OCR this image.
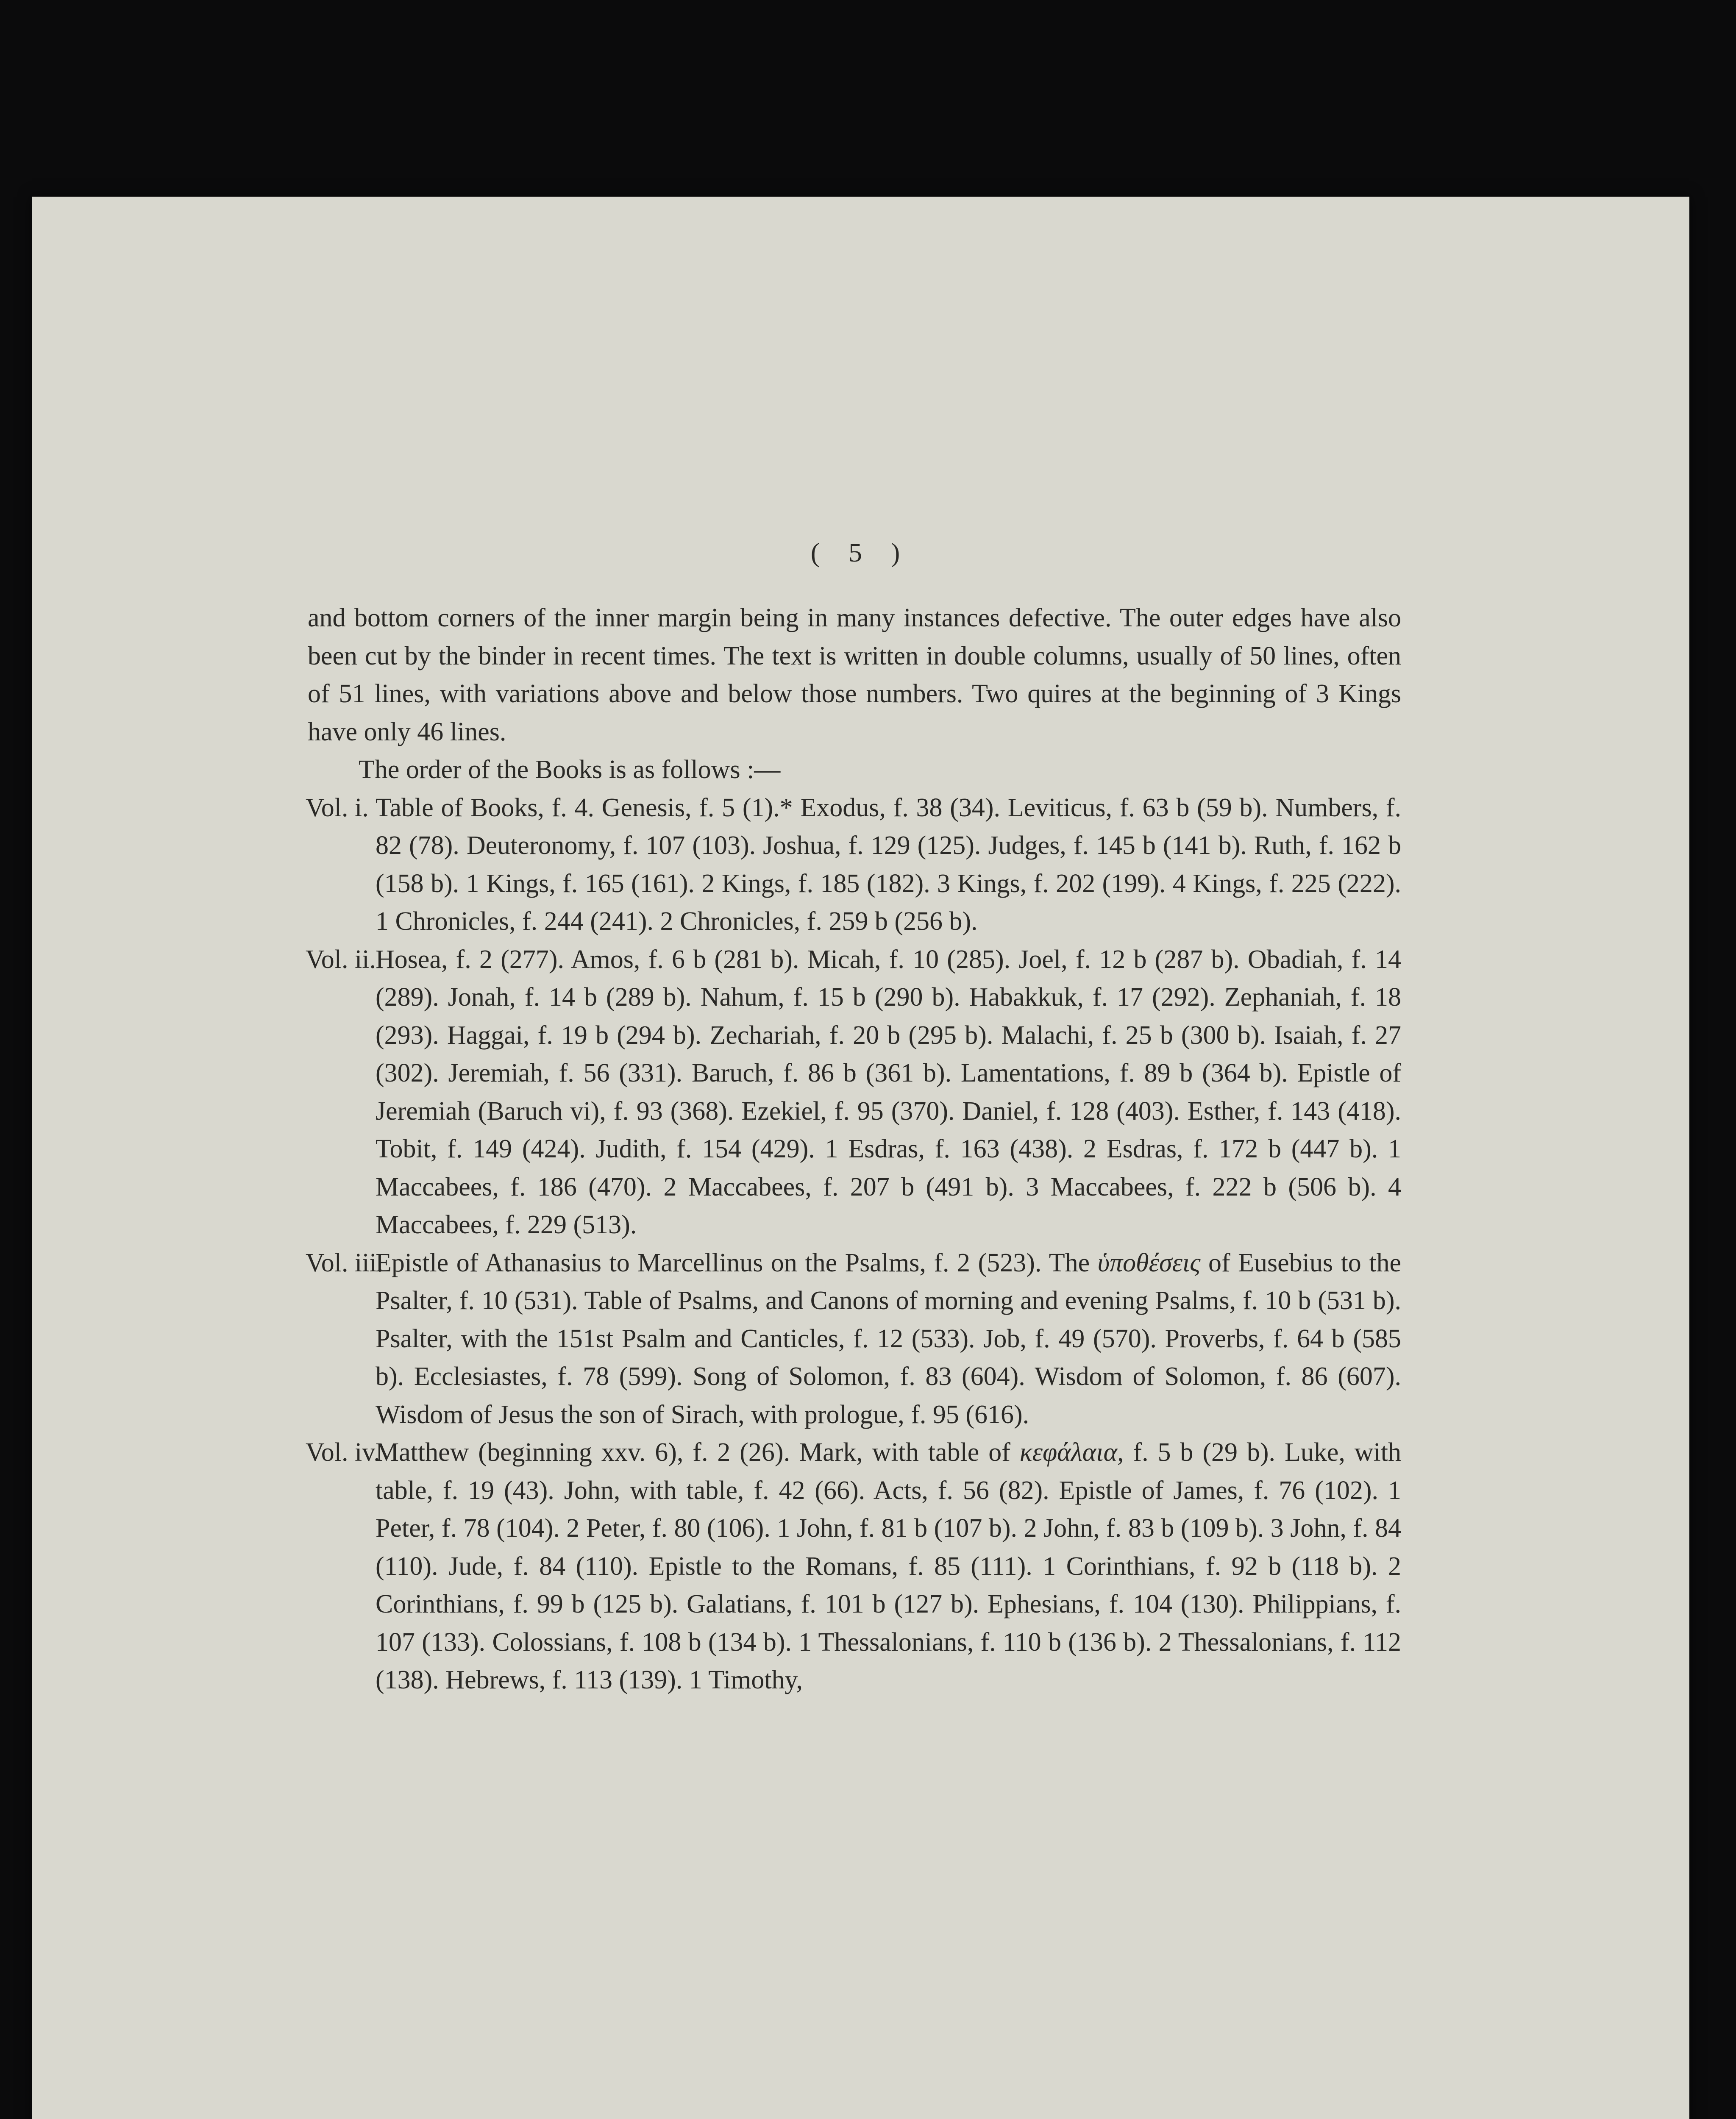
( 5 )

and bottom corners of the inner margin being in many instances defective. The outer edges have also been cut by the binder in recent times. The text is written in double columns, usually of 50 lines, often of 51 lines, with variations above and below those numbers. Two quires at the beginning of 3 Kings have only 46 lines.

The order of the Books is as follows :—

Vol. i. Table of Books, f. 4. Genesis, f. 5 (1).* Exodus, f. 38 (34). Leviticus, f. 63 b (59 b). Numbers, f. 82 (78). Deuteronomy, f. 107 (103). Joshua, f. 129 (125). Judges, f. 145 b (141 b). Ruth, f. 162 b (158 b). 1 Kings, f. 165 (161). 2 Kings, f. 185 (182). 3 Kings, f. 202 (199). 4 Kings, f. 225 (222). 1 Chronicles, f. 244 (241). 2 Chronicles, f. 259 b (256 b).

Vol. ii. Hosea, f. 2 (277). Amos, f. 6 b (281 b). Micah, f. 10 (285). Joel, f. 12 b (287 b). Obadiah, f. 14 (289). Jonah, f. 14 b (289 b). Nahum, f. 15 b (290 b). Habakkuk, f. 17 (292). Zephaniah, f. 18 (293). Haggai, f. 19 b (294 b). Zechariah, f. 20 b (295 b). Malachi, f. 25 b (300 b). Isaiah, f. 27 (302). Jeremiah, f. 56 (331). Baruch, f. 86 b (361 b). Lamentations, f. 89 b (364 b). Epistle of Jeremiah (Baruch vi), f. 93 (368). Ezekiel, f. 95 (370). Daniel, f. 128 (403). Esther, f. 143 (418). Tobit, f. 149 (424). Judith, f. 154 (429). 1 Esdras, f. 163 (438). 2 Esdras, f. 172 b (447 b). 1 Maccabees, f. 186 (470). 2 Maccabees, f. 207 b (491 b). 3 Maccabees, f. 222 b (506 b). 4 Maccabees, f. 229 (513).

Vol. iii.
Epistle of Athanasius to Marcellinus on the Psalms, f. 2 (523). The ὑποθέσεις of Eusebius to the Psalter, f. 10 (531). Table of Psalms, and Canons of morning and evening Psalms, f. 10 b (531 b). Psalter, with the 151st Psalm and Canticles, f. 12 (533). Job, f. 49 (570). Proverbs, f. 64 b (585 b). Ecclesiastes, f. 78 (599). Song of Solomon, f. 83 (604). Wisdom of Solomon, f. 86 (607). Wisdom of Jesus the son of Sirach, with prologue, f. 95 (616).

Vol. iv.
Matthew (beginning xxv. 6), f. 2 (26). Mark, with table of κεφάλαια, f. 5 b (29 b). Luke, with table, f. 19 (43). John, with table, f. 42 (66). Acts, f. 56 (82). Epistle of James, f. 76 (102). 1 Peter, f. 78 (104). 2 Peter, f. 80 (106). 1 John, f. 81 b (107 b). 2 John, f. 83 b (109 b). 3 John, f. 84 (110). Jude, f. 84 (110). Epistle to the Romans, f. 85 (111). 1 Corinthians, f. 92 b (118 b). 2 Corinthians, f. 99 b (125 b). Galatians, f. 101 b (127 b). Ephesians, f. 104 (130). Philippians, f. 107 (133). Colossians, f. 108 b (134 b). 1 Thessalonians, f. 110 b (136 b). 2 Thessalonians, f. 112 (138). Hebrews, f. 113 (139). 1 Timothy,
